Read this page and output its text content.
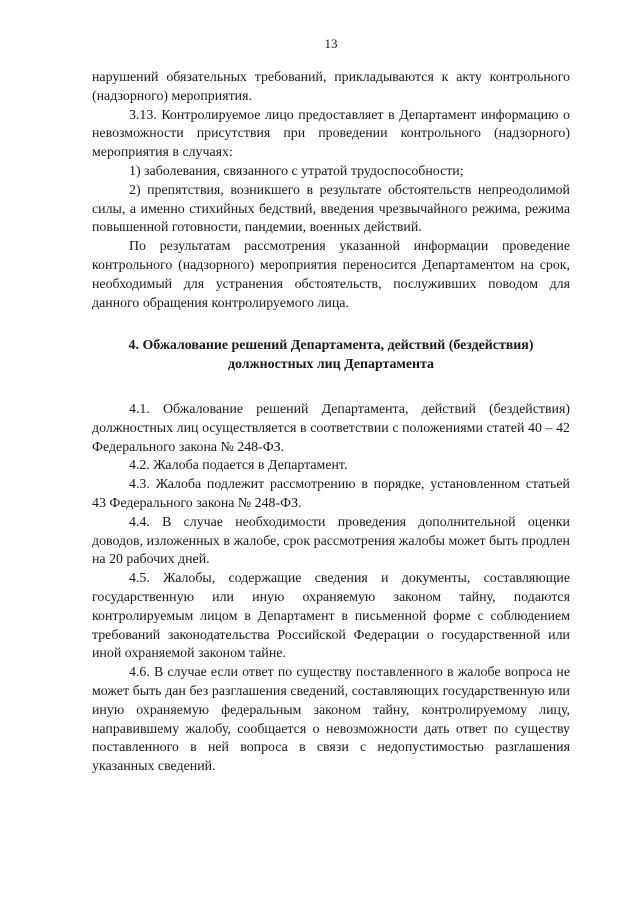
13

нарушений обязательных требований, прикладываются к акту контрольного (надзорного) мероприятия.

3.13. Контролируемое лицо предоставляет в Департамент информацию о невозможности присутствия при проведении контрольного (надзорного) мероприятия в случаях:

1) заболевания, связанного с утратой трудоспособности;

2) препятствия, возникшего в результате обстоятельств непреодолимой силы, а именно стихийных бедствий, введения чрезвычайного режима, режима повышенной готовности, пандемии, военных действий.

По результатам рассмотрения указанной информации проведение контрольного (надзорного) мероприятия переносится Департаментом на срок, необходимый для устранения обстоятельств, послуживших поводом для данного обращения контролируемого лица.

4. Обжалование решений Департамента, действий (бездействия)
должностных лиц Департамента

4.1. Обжалование решений Департамента, действий (бездействия) должностных лиц осуществляется в соответствии с положениями статей 40 – 42 Федерального закона № 248-ФЗ.

4.2. Жалоба подается в Департамент.

4.3. Жалоба подлежит рассмотрению в порядке, установленном статьей 43 Федерального закона № 248-ФЗ.

4.4. В случае необходимости проведения дополнительной оценки доводов, изложенных в жалобе, срок рассмотрения жалобы может быть продлен на 20 рабочих дней.

4.5. Жалобы, содержащие сведения и документы, составляющие государственную или иную охраняемую законом тайну, подаются контролируемым лицом в Департамент в письменной форме с соблюдением требований законодательства Российской Федерации о государственной или иной охраняемой законом тайне.

4.6. В случае если ответ по существу поставленного в жалобе вопроса не может быть дан без разглашения сведений, составляющих государственную или иную охраняемую федеральным законом тайну, контролируемому лицу, направившему жалобу, сообщается о невозможности дать ответ по существу поставленного в ней вопроса в связи с недопустимостью разглашения указанных сведений.
